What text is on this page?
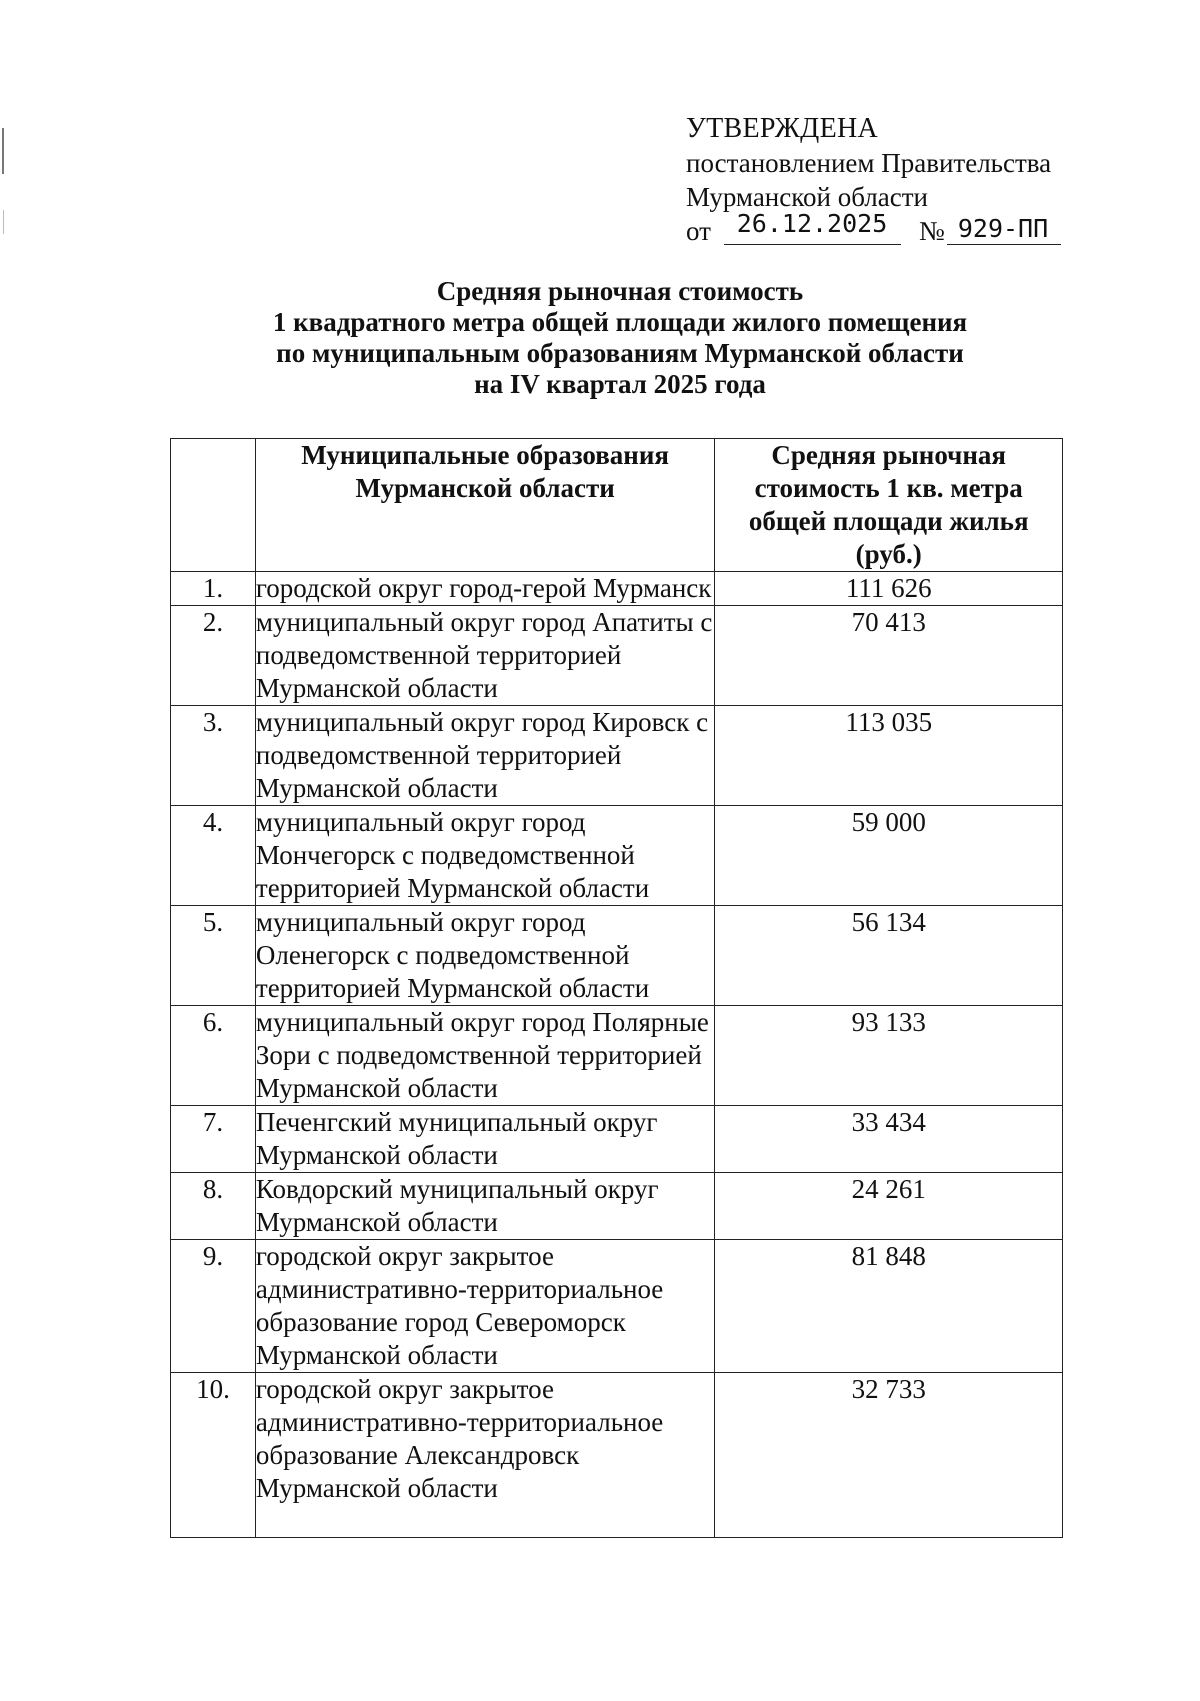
УТВЕРЖДЕНА
постановлением Правительства
Мурманской области
от	26.12.2025	№ 929-ПП
Средняя рыночная стоимость
1 квадратного метра общей площади жилого помещения
по муниципальным образованиям Мурманской области
на IV квартал 2025 года
	Муниципальные образования Мурманской области	Средняя рыночная стоимость 1 кв. метра общей площади жилья (руб.)
1.	городской округ город-герой Мурманск	111 626
2.	муниципальный округ город Апатиты с подведомственной территорией Мурманской области	70 413
3.	муниципальный округ город Кировск с подведомственной территорией Мурманской области	113 035
4.	муниципальный округ город Мончегорск с подведомственной территорией Мурманской области	59 000
5.	муниципальный округ город Оленегорск с подведомственной территорией Мурманской области	56 134
6.	муниципальный округ город Полярные Зори с подведомственной территорией Мурманской области	93 133
7.	Печенгский муниципальный округ Мурманской области	33 434
8.	Ковдорский муниципальный округ Мурманской области	24 261
9.	городской округ закрытое административно-территориальное образование город Североморск Мурманской области	81 848
10.	городской округ закрытое административно-территориальное образование Александровск Мурманской области	32 733
